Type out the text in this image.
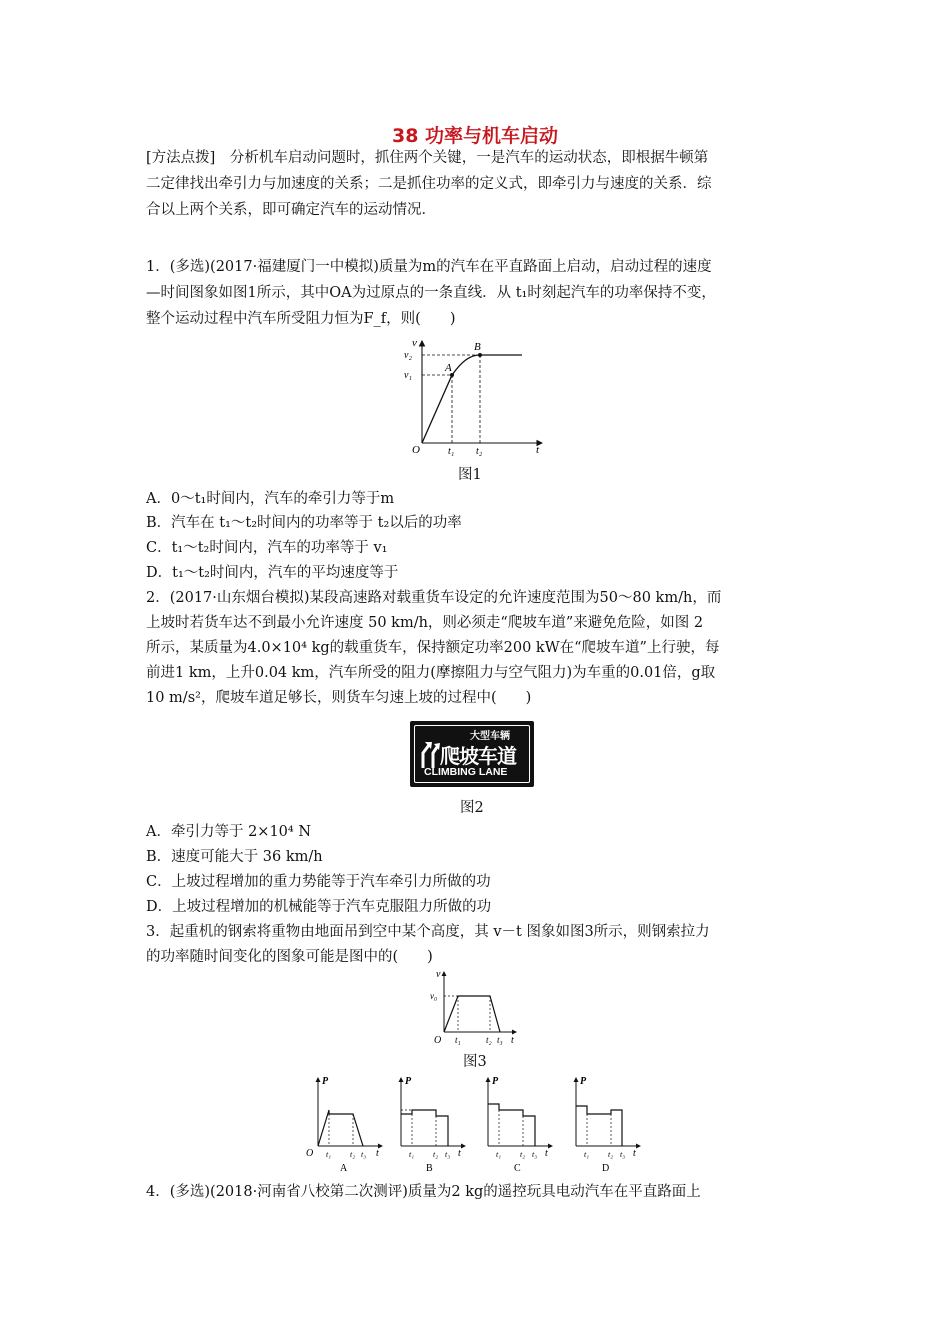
38 功率与机车启动
[方法点拨]　分析机车启动问题时，抓住两个关键，一是汽车的运动状态，即根据牛顿第
二定律找出牵引力与加速度的关系；二是抓住功率的定义式，即牵引力与速度的关系．综
合以上两个关系，即可确定汽车的运动情况．
1．(多选)(2017·福建厦门一中模拟)质量为m的汽车在平直路面上启动，启动过程的速度
—时间图象如图1所示，其中OA为过原点的一条直线．从 t₁时刻起汽车的功率保持不变，
整个运动过程中汽车所受阻力恒为F_f，则(　　)
v
v₂
v₁
A
B
O	t₁ t₂	t
图1
A．0～t₁时间内，汽车的牵引力等于m
B．汽车在 t₁～t₂时间内的功率等于 t₂以后的功率
C．t₁～t₂时间内，汽车的功率等于 v₁
D．t₁～t₂时间内，汽车的平均速度等于
2．(2017·山东烟台模拟)某段高速路对载重货车设定的允许速度范围为50～80 km/h，而
上坡时若货车达不到最小允许速度 50 km/h，则必须走“爬坡车道”来避免危险，如图 2
所示，某质量为4.0×10⁴ kg的载重货车，保持额定功率200 kW在“爬坡车道”上行驶，每
前进1 km，上升0.04 km，汽车所受的阻力(摩擦阻力与空气阻力)为车重的0.01倍，g取
10 m/s²，爬坡车道足够长，则货车匀速上坡的过程中(　　)
大型车辆
爬坡车道
CLIMBING LANE
图2
A．牵引力等于 2×10⁴ N
B．速度可能大于 36 km/h
C．上坡过程增加的重力势能等于汽车牵引力所做的功
D．上坡过程增加的机械能等于汽车克服阻力所做的功
3．起重机的钢索将重物由地面吊到空中某个高度，其 v－t 图象如图3所示，则钢索拉力
的功率随时间变化的图象可能是图中的(　　)
v
v₀
O t₁	t₂ t₃ t
图3
P
O t₁ t₂ t₃ t
A
P
t₁ t₂ t₃ t
B
P
t₁ t₂ t₃ t
C
P
t₁ t₂ t₃ t
D
4．(多选)(2018·河南省八校第二次测评)质量为2 kg的遥控玩具电动汽车在平直路面上
